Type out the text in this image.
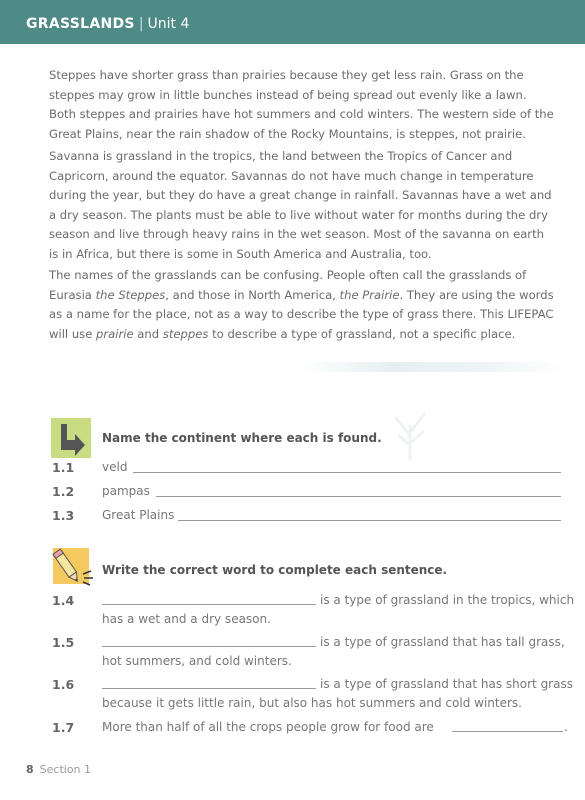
GRASSLANDS | Unit 4

Steppes have shorter grass than prairies because they get less rain. Grass on the steppes may grow in little bunches instead of being spread out evenly like a lawn. Both steppes and prairies have hot summers and cold winters. The western side of the Great Plains, near the rain shadow of the Rocky Mountains, is steppes, not prairie.

Savanna is grassland in the tropics, the land between the Tropics of Cancer and Capricorn, around the equator. Savannas do not have much change in temperature during the year, but they do have a great change in rainfall. Savannas have a wet and a dry season. The plants must be able to live without water for months during the dry season and live through heavy rains in the wet season. Most of the savanna on earth is in Africa, but there is some in South America and Australia, too.

The names of the grasslands can be confusing. People often call the grasslands of Eurasia the Steppes, and those in North America, the Prairie. They are using the words as a name for the place, not as a way to describe the type of grass there. This LIFEPAC will use prairie and steppes to describe a type of grassland, not a specific place.

Name the continent where each is found.
1.1 veld
1.2 pampas
1.3 Great Plains
Write the correct word to complete each sentence.
1.4	is a type of grassland in the tropics, which
has a wet and a dry season.
1.5	is a type of grassland that has tall grass,
hot summers, and cold winters.
1.6	is a type of grassland that has short grass
because it gets little rain, but also has hot summers and cold winters.
1.7 More than half of all the crops people grow for food are	.
8 Section 1
